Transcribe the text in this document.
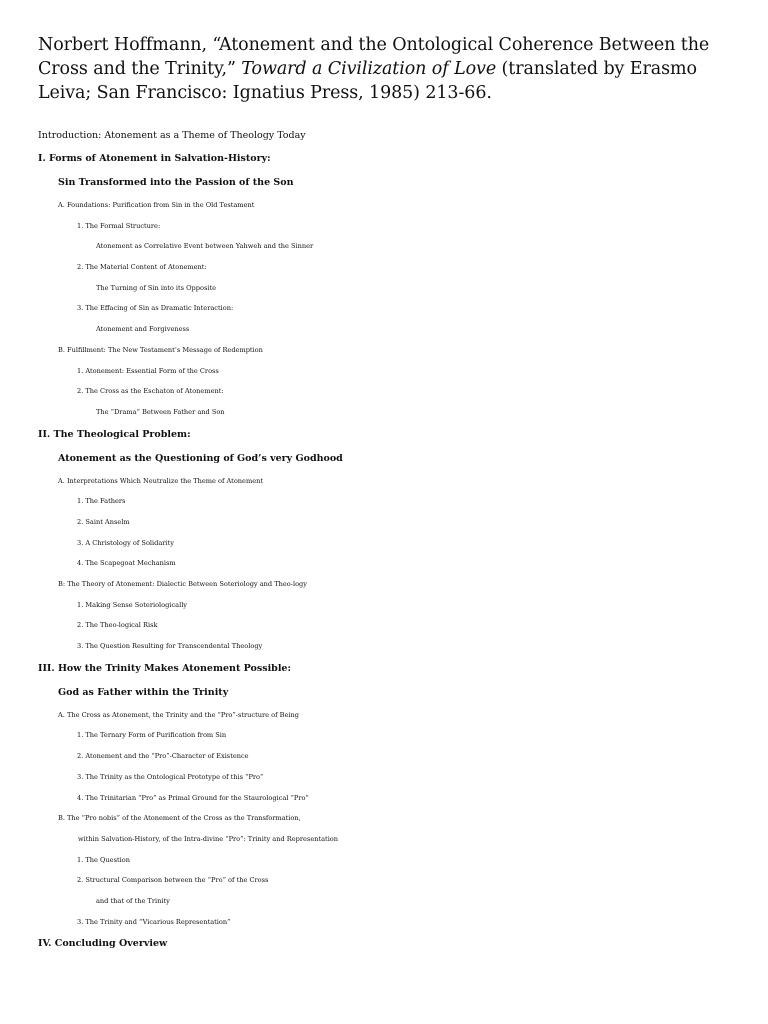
Norbert Hoffmann, “Atonement and the Ontological Coherence Between the Cross and the Trinity,” Toward a Civilization of Love (translated by Erasmo Leiva; San Francisco: Ignatius Press, 1985) 213-66.
Introduction: Atonement as a Theme of Theology Today
I. Forms of Atonement in Salvation-History:
Sin Transformed into the Passion of the Son
A. Foundations: Purification from Sin in the Old Testament
1. The Formal Structure:
Atonement as Correlative Event between Yahweh and the Sinner
2. The Material Content of Atonement:
The Turning of Sin into its Opposite
3. The Effacing of Sin as Dramatic Interaction:
Atonement and Forgiveness
B. Fulfillment: The New Testament’s Message of Redemption
1. Atonement: Essential Form of the Cross
2. The Cross as the Eschaton of Atonement:
The “Drama” Between Father and Son
II. The Theological Problem:
Atonement as the Questioning of God’s very Godhood
A. Interpretations Which Neutralize the Theme of Atonement
1. The Fathers
2. Saint Anselm
3. A Christology of Solidarity
4. The Scapegoat Mechanism
B: The Theory of Atonement: Dialectic Between Soteriology and Theo-logy
1. Making Sense Soteriologically
2. The Theo-logical Risk
3. The Question Resulting for Transcendental Theology
III. How the Trinity Makes Atonement Possible:
God as Father within the Trinity
A. The Cross as Atonement, the Trinity and the “Pro”-structure of Being
1. The Ternary Form of Purification from Sin
2. Atonement and the “Pro”-Character of Existence
3. The Trinity as the Ontological Prototype of this “Pro”
4. The Trinitarian “Pro” as Primal Ground for the Staurological “Pro”
B. The “Pro nobis” of the Atonement of the Cross as the Transformation,
within Salvation-History, of the Intra-divine “Pro”: Trinity and Representation
1. The Question
2. Structural Comparison between the “Pro” of the Cross
and that of the Trinity
3. The Trinity and “Vicarious Representation”
IV. Concluding Overview
